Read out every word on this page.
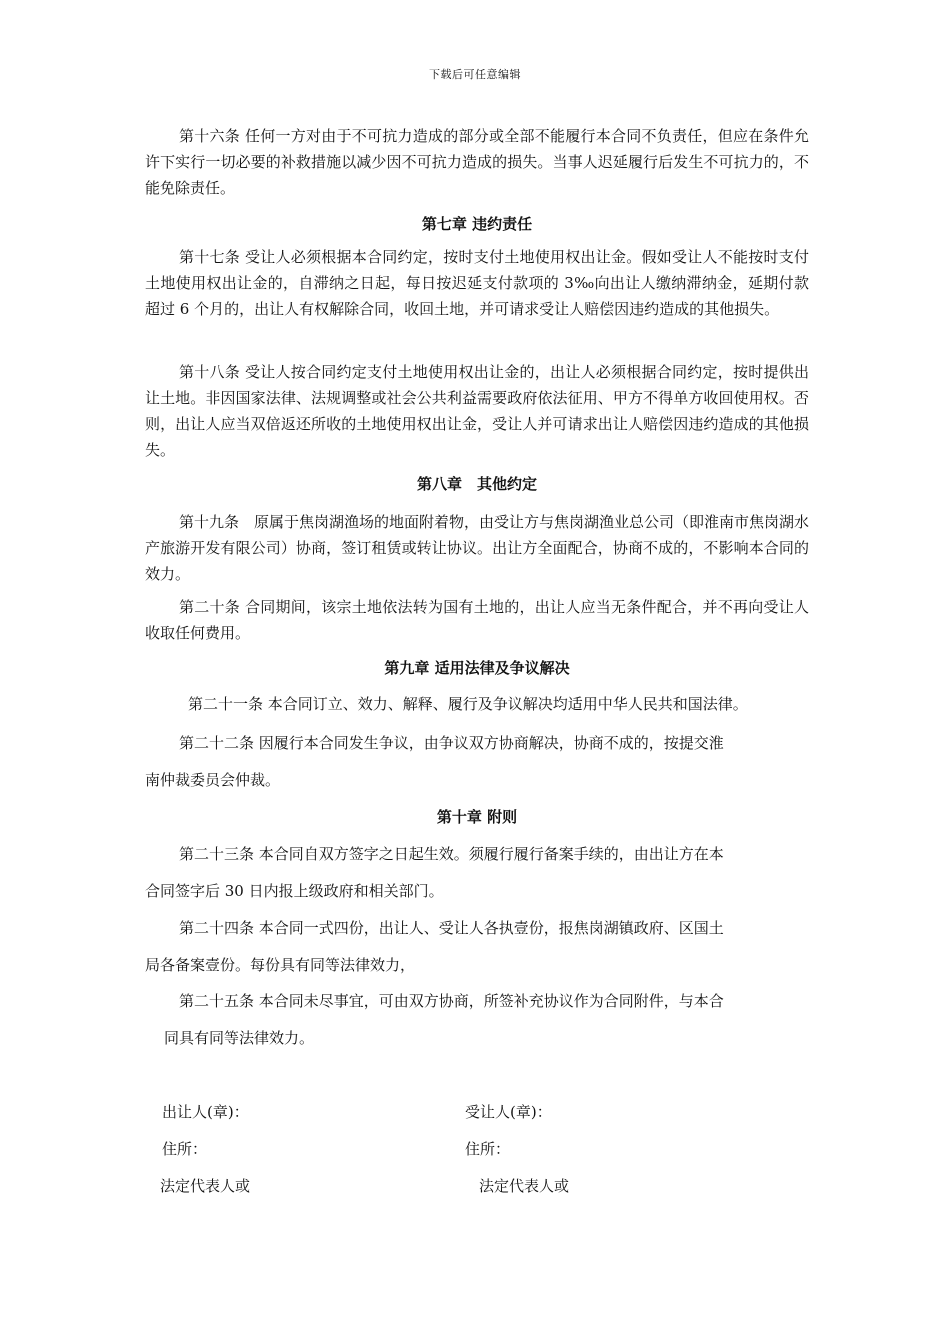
下载后可任意编辑

第十六条 任何一方对由于不可抗力造成的部分或全部不能履行本合同不负责任，但应在条件允许下实行一切必要的补救措施以减少因不可抗力造成的损失。当事人迟延履行后发生不可抗力的，不能免除责任。

第七章 违约责任

第十七条 受让人必须根据本合同约定，按时支付土地使用权出让金。假如受让人不能按时支付土地使用权出让金的，自滞纳之日起，每日按迟延支付款项的 3‰向出让人缴纳滞纳金，延期付款超过 6 个月的，出让人有权解除合同，收回土地，并可请求受让人赔偿因违约造成的其他损失。

第十八条 受让人按合同约定支付土地使用权出让金的，出让人必须根据合同约定，按时提供出让土地。非因国家法律、法规调整或社会公共利益需要政府依法征用、甲方不得单方收回使用权。否则，出让人应当双倍返还所收的土地使用权出让金，受让人并可请求出让人赔偿因违约造成的其他损失。

第八章　其他约定

第十九条　原属于焦岗湖渔场的地面附着物，由受让方与焦岗湖渔业总公司（即淮南市焦岗湖水产旅游开发有限公司）协商，签订租赁或转让协议。出让方全面配合，协商不成的，不影响本合同的效力。

第二十条 合同期间，该宗土地依法转为国有土地的，出让人应当无条件配合，并不再向受让人收取任何费用。

第九章 适用法律及争议解决
第二十一条 本合同订立、效力、解释、履行及争议解决均适用中华人民共和国法律。
第二十二条 因履行本合同发生争议，由争议双方协商解决，协商不成的，按提交淮
南仲裁委员会仲裁。
第十章 附则
第二十三条 本合同自双方签字之日起生效。须履行履行备案手续的，由出让方在本
合同签字后 30 日内报上级政府和相关部门。
第二十四条 本合同一式四份，出让人、受让人各执壹份，报焦岗湖镇政府、区国土
局各备案壹份。每份具有同等法律效力，
第二十五条 本合同未尽事宜，可由双方协商，所签补充协议作为合同附件，与本合
同具有同等法律效力。
出让人(章)：	受让人(章)：
住所：	住所：
法定代表人或	法定代表人或
